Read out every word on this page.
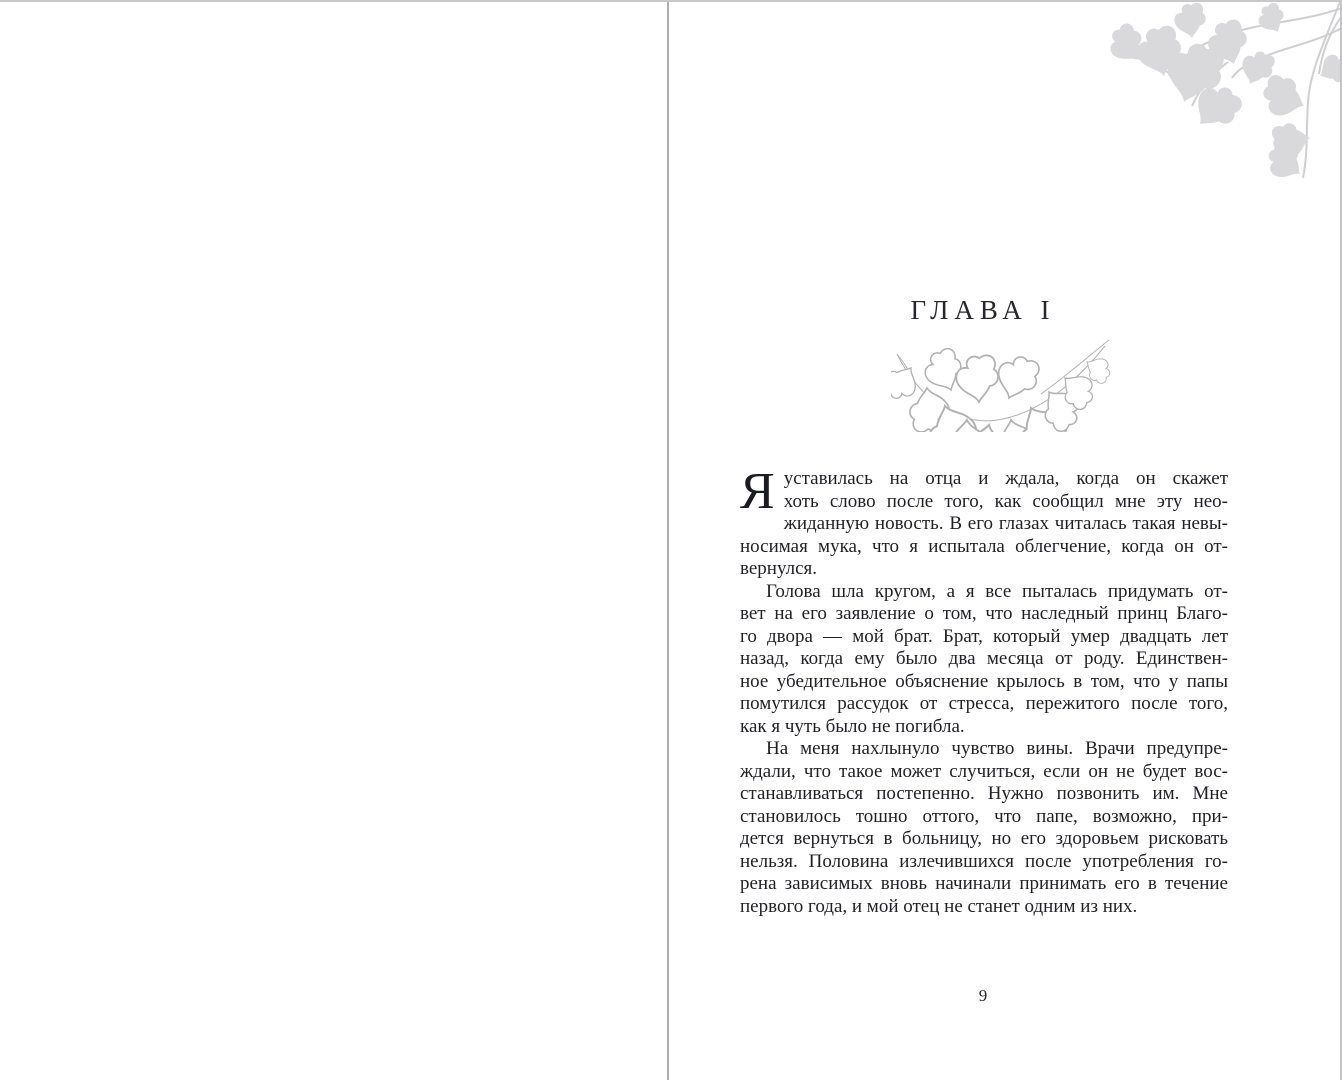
ГЛАВА I
Я уставилась на отца и ждала, когда он скажет
хоть слово после того, как сообщил мне эту нео-
жиданную новость. В его глазах читалась такая невы-
носимая мука, что я испытала облегчение, когда он от-
вернулся.
Голова шла кругом, а я все пыталась придумать от-
вет на его заявление о том, что наследный принц Благо-
го двора — мой брат. Брат, который умер двадцать лет
назад, когда ему было два месяца от роду. Единствен-
ное убедительное объяснение крылось в том, что у папы
помутился рассудок от стресса, пережитого после того,
как я чуть было не погибла.
На меня нахлынуло чувство вины. Врачи предупре-
ждали, что такое может случиться, если он не будет вос-
станавливаться постепенно. Нужно позвонить им. Мне
становилось тошно оттого, что папе, возможно, при-
дется вернуться в больницу, но его здоровьем рисковать
нельзя. Половина излечившихся после употребления го-
рена зависимых вновь начинали принимать его в течение
первого года, и мой отец не станет одним из них.
9
